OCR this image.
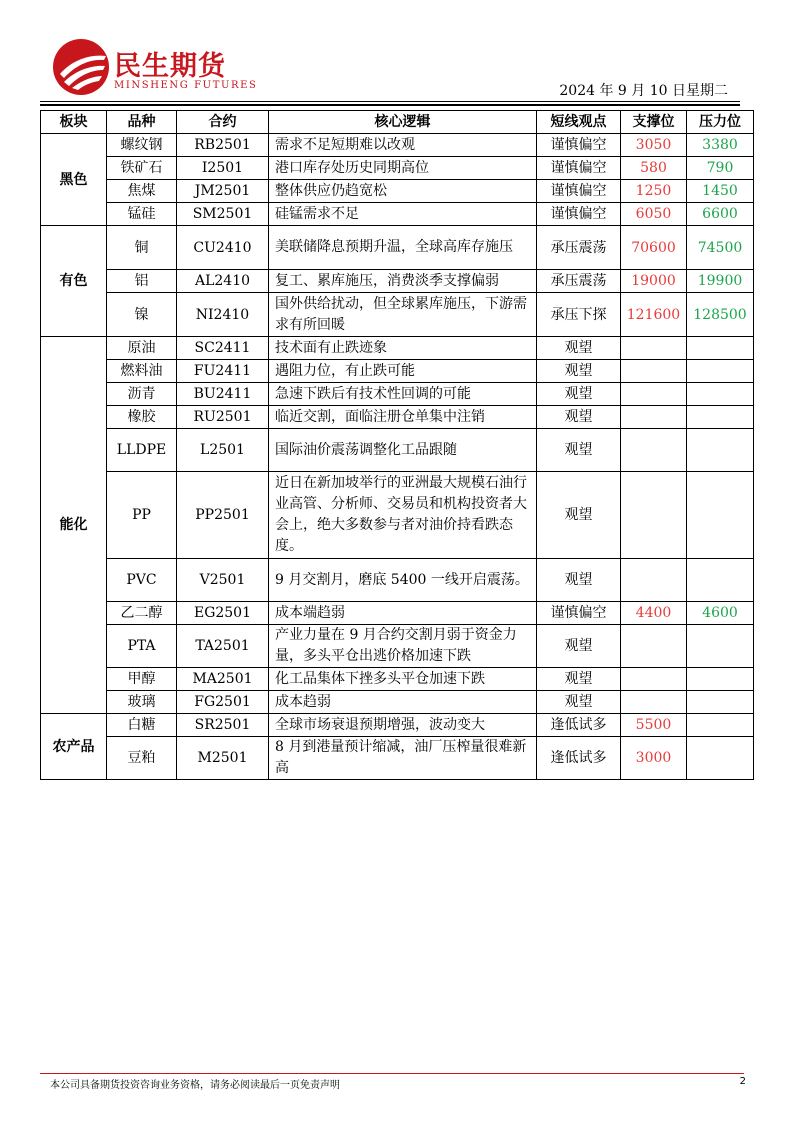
民生期货
MINSHENG FUTURES	2024 年 9 月 10 日星期二
板块	品种	合约	核心逻辑	短线观点	支撑位	压力位
黑色	螺纹钢	RB2501	需求不足短期难以改观	谨慎偏空	3050	3380
	铁矿石	I2501	港口库存处历史同期高位	谨慎偏空	580	790
	焦煤	JM2501	整体供应仍趋宽松	谨慎偏空	1250	1450
	锰硅	SM2501	硅锰需求不足	谨慎偏空	6050	6600
有色	铜	CU2410	美联储降息预期升温，全球高库存施压	承压震荡	70600	74500
	铝	AL2410	复工、累库施压，消费淡季支撑偏弱	承压震荡	19000	19900
	镍	NI2410	国外供给扰动，但全球累库施压，下游需求有所回暖	承压下探	121600	128500
能化	原油	SC2411	技术面有止跌迹象	观望		
	燃料油	FU2411	遇阻力位，有止跌可能	观望		
	沥青	BU2411	急速下跌后有技术性回调的可能	观望		
	橡胶	RU2501	临近交割，面临注册仓单集中注销	观望		
	LLDPE	L2501	国际油价震荡调整化工品跟随	观望		
	PP	PP2501	近日在新加坡举行的亚洲最大规模石油行业高管、分析师、交易员和机构投资者大会上，绝大多数参与者对油价持看跌态度。	观望		
	PVC	V2501	9 月交割月，磨底 5400 一线开启震荡。	观望		
	乙二醇	EG2501	成本端趋弱	谨慎偏空	4400	4600
	PTA	TA2501	产业力量在 9 月合约交割月弱于资金力量，多头平仓出逃价格加速下跌	观望		
	甲醇	MA2501	化工品集体下挫多头平仓加速下跌	观望		
	玻璃	FG2501	成本趋弱	观望		
农产品	白糖	SR2501	全球市场衰退预期增强，波动变大	逢低试多	5500	
	豆粕	M2501	8 月到港量预计缩减，油厂压榨量很难新高	逢低试多	3000	
本公司具备期货投资咨询业务资格，请务必阅读最后一页免责声明	2
